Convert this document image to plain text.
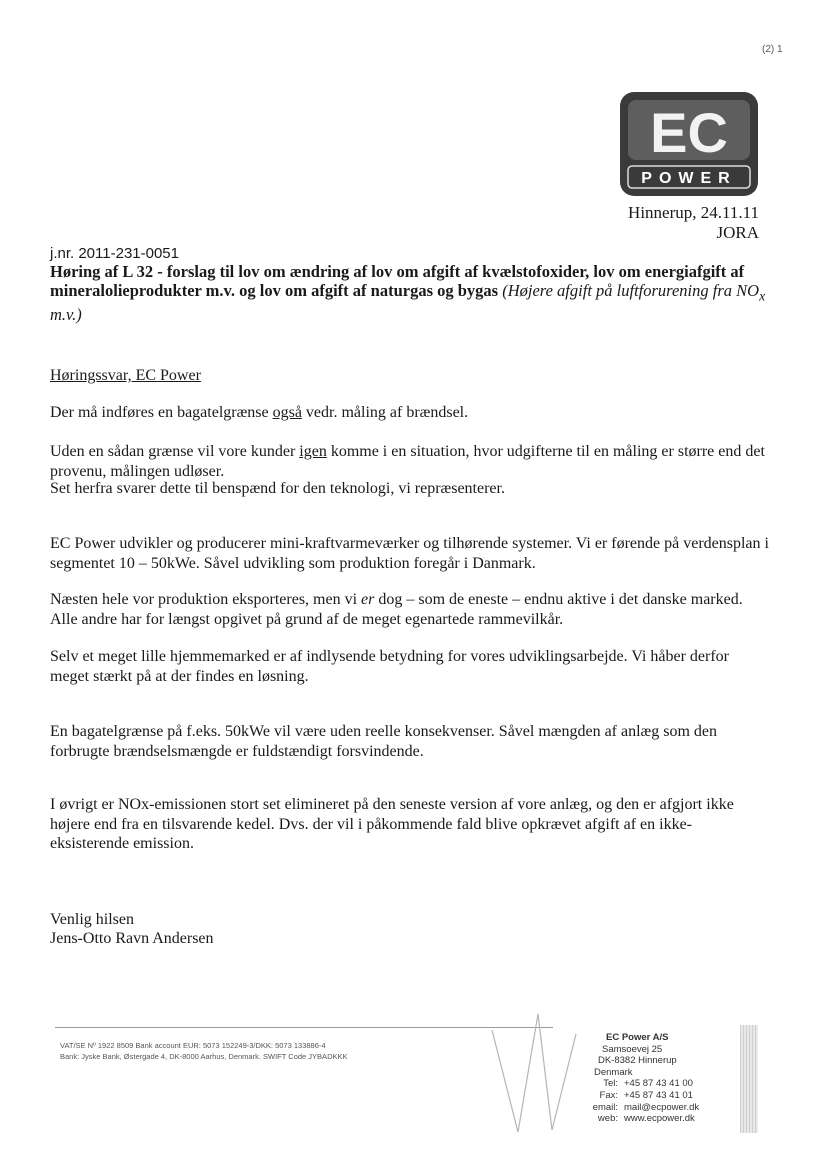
(2) 1
EC
POWER
Hinnerup, 24.11.11
JORA
j.nr. 2011-231-0051
Høring af L 32 - forslag til lov om ændring af lov om afgift af kvælstofoxider, lov om energiafgift af mineralolieprodukter m.v. og lov om afgift af naturgas og bygas (Højere afgift på luftforurening fra $NO_x$ m.v.)
Høringssvar, EC Power
Der må indføres en bagatelgrænse også vedr. måling af brændsel.
Uden en sådan grænse vil vore kunder igen komme i en situation, hvor udgifterne til en måling er større end det provenu, målingen udløser.
Set herfra svarer dette til benspænd for den teknologi, vi repræsenterer.
EC Power udvikler og producerer mini-kraftvarmeværker og tilhørende systemer. Vi er førende på verdensplan i segmentet 10 – 50kWe. Såvel udvikling som produktion foregår i Danmark.
Næsten hele vor produktion eksporteres, men vi er dog – som de eneste – endnu aktive i det danske marked. Alle andre har for længst opgivet på grund af de meget egenartede rammevilkår.
Selv et meget lille hjemmemarked er af indlysende betydning for vores udviklingsarbejde. Vi håber derfor meget stærkt på at der findes en løsning.
En bagatelgrænse på f.eks. 50kWe vil være uden reelle konsekvenser. Såvel mængden af anlæg som den forbrugte brændselsmængde er fuldstændigt forsvindende.
I øvrigt er NOx-emissionen stort set elimineret på den seneste version af vore anlæg, og den er afgjort ikke højere end fra en tilsvarende kedel. Dvs. der vil i påkommende fald blive opkrævet afgift af en ikke-eksisterende emission.
Venlig hilsen
Jens-Otto Ravn Andersen
VAT/SE Nº 1922 8509 Bank account EUR: 5073 152249-3/DKK: 5073 133886-4
Bank: Jyske Bank, Østergade 4, DK-8000 Aarhus, Denmark. SWIFT Code JYBADKKK
EC Power A/S
Samsoevej 25
DK-8382 Hinnerup
Denmark
Tel: +45 87 43 41 00
Fax: +45 87 43 41 01
email: mail@ecpower.dk
web: www.ecpower.dk
